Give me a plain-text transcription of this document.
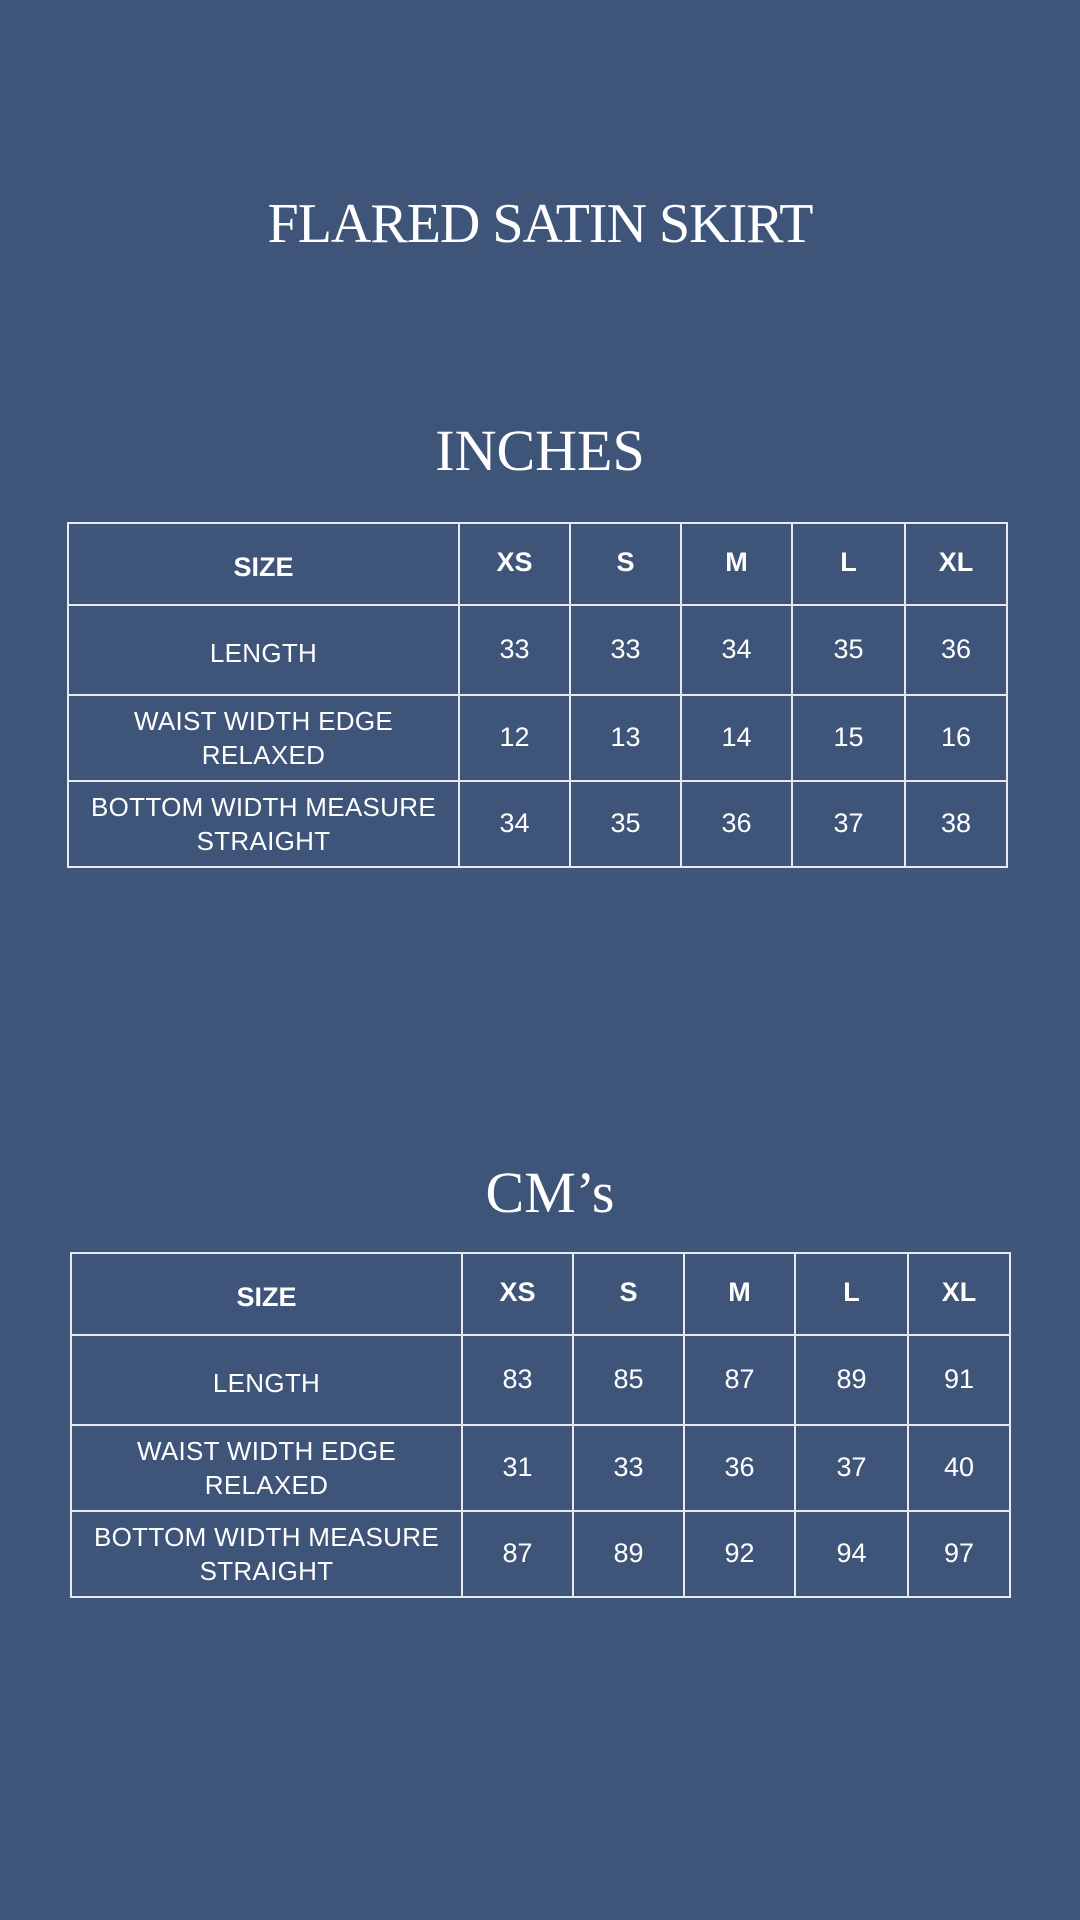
FLARED SATIN SKIRT
INCHES
SIZE	XS	S	M	L	XL
LENGTH	33	33	34	35	36

WAIST WIDTH EDGE
RELAXED	12	13	14	15	16

BOTTOM WIDTH MEASURE
STRAIGHT	34	35	36	37	38
CM’s
SIZE	XS	S	M	L	XL
LENGTH	83	85	87	89	91

WAIST WIDTH EDGE
RELAXED	31	33	36	37	40

BOTTOM WIDTH MEASURE
STRAIGHT	87	89	92	94	97
